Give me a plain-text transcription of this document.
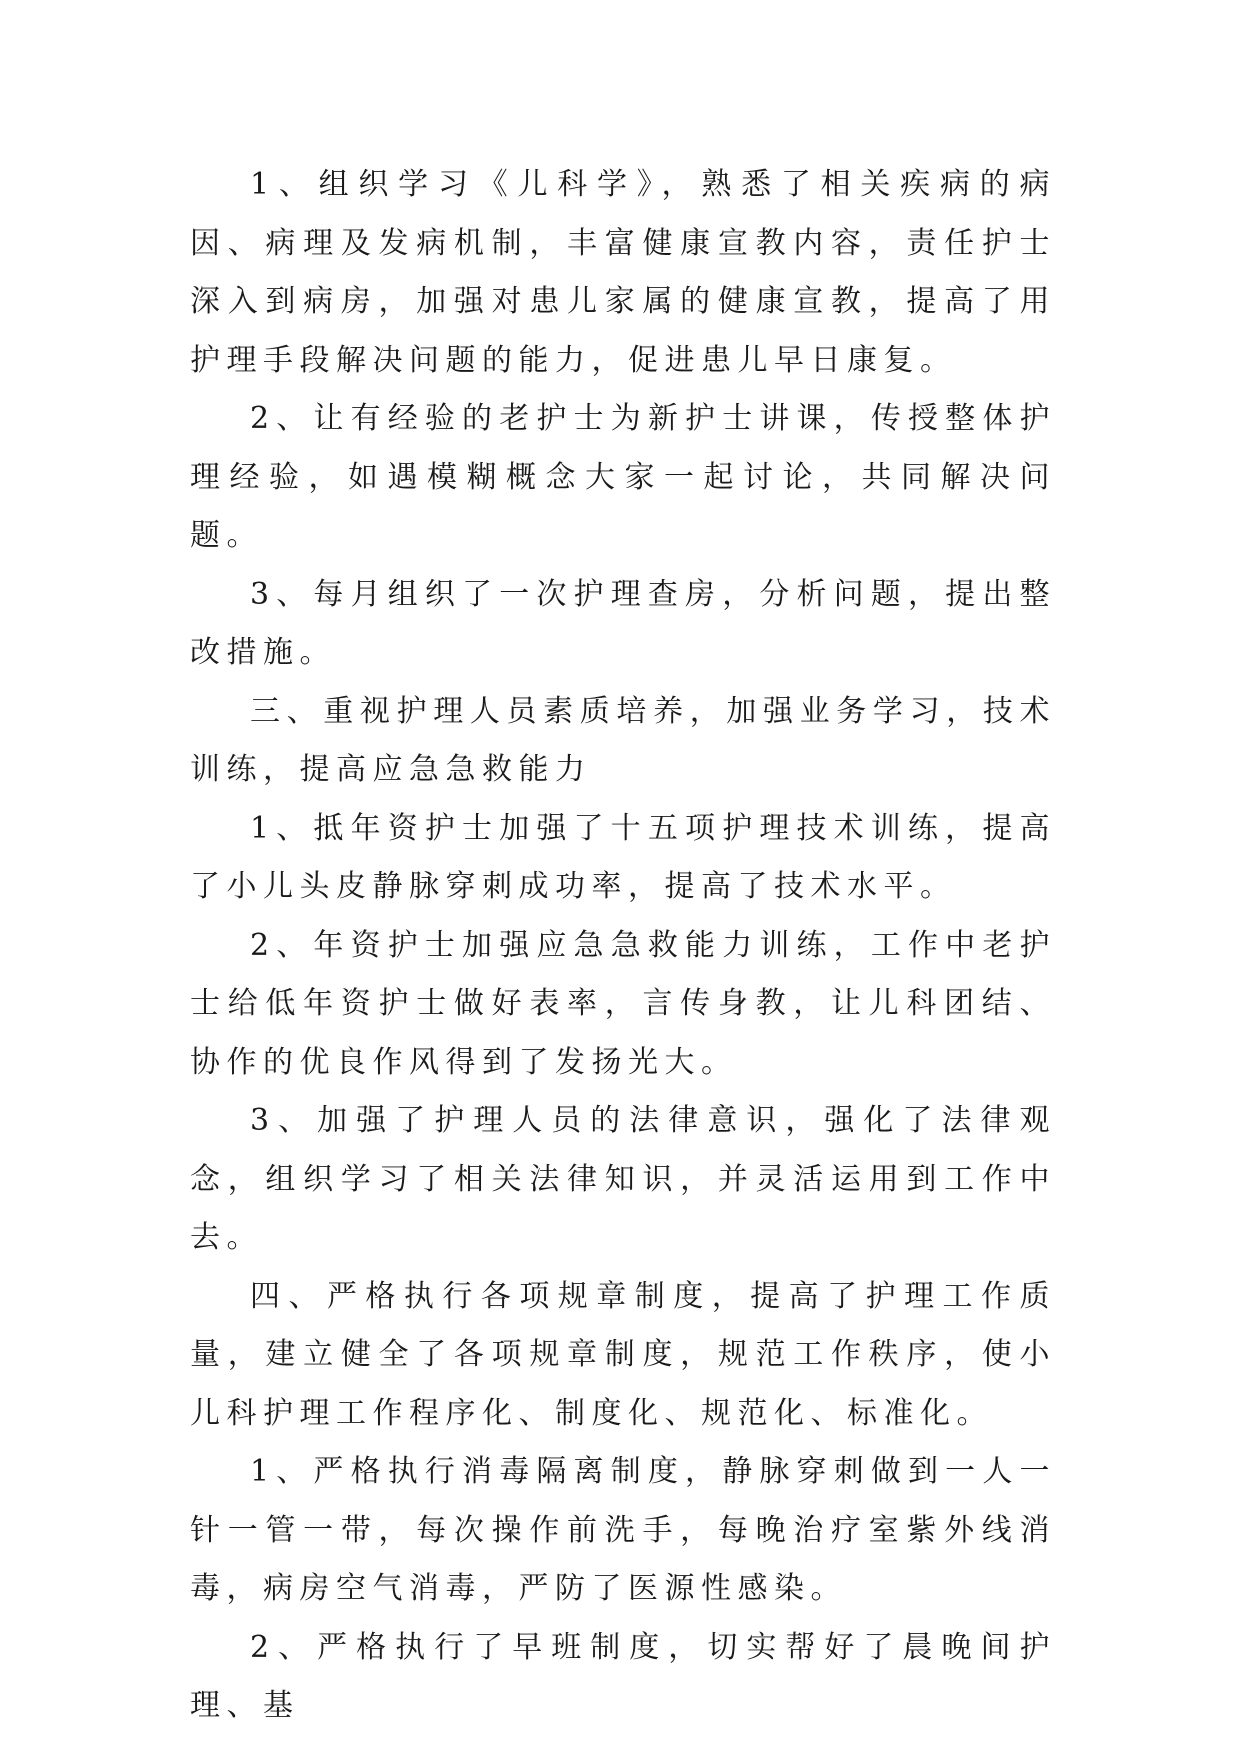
1、组织学习《儿科学》，熟悉了相关疾病的病因、病理及发病机制，丰富健康宣教内容，责任护士深入到病房，加强对患儿家属的健康宣教，提高了用护理手段解决问题的能力，促进患儿早日康复。

2、让有经验的老护士为新护士讲课，传授整体护理经验，如遇模糊概念大家一起讨论，共同解决问题。

3、每月组织了一次护理查房，分析问题，提出整改措施。

三、重视护理人员素质培养，加强业务学习，技术训练，提高应急急救能力

1、抵年资护士加强了十五项护理技术训练，提高了小儿头皮静脉穿刺成功率，提高了技术水平。

2、年资护士加强应急急救能力训练，工作中老护士给低年资护士做好表率，言传身教，让儿科团结、协作的优良作风得到了发扬光大。

3、加强了护理人员的法律意识，强化了法律观念，组织学习了相关法律知识，并灵活运用到工作中去。

四、严格执行各项规章制度，提高了护理工作质量，建立健全了各项规章制度，规范工作秩序，使小儿科护理工作程序化、制度化、规范化、标准化。

1、严格执行消毒隔离制度，静脉穿刺做到一人一针一管一带，每次操作前洗手，每晚治疗室紫外线消毒，病房空气消毒，严防了医源性感染。

2、严格执行了早班制度，切实帮好了晨晚间护理、基
